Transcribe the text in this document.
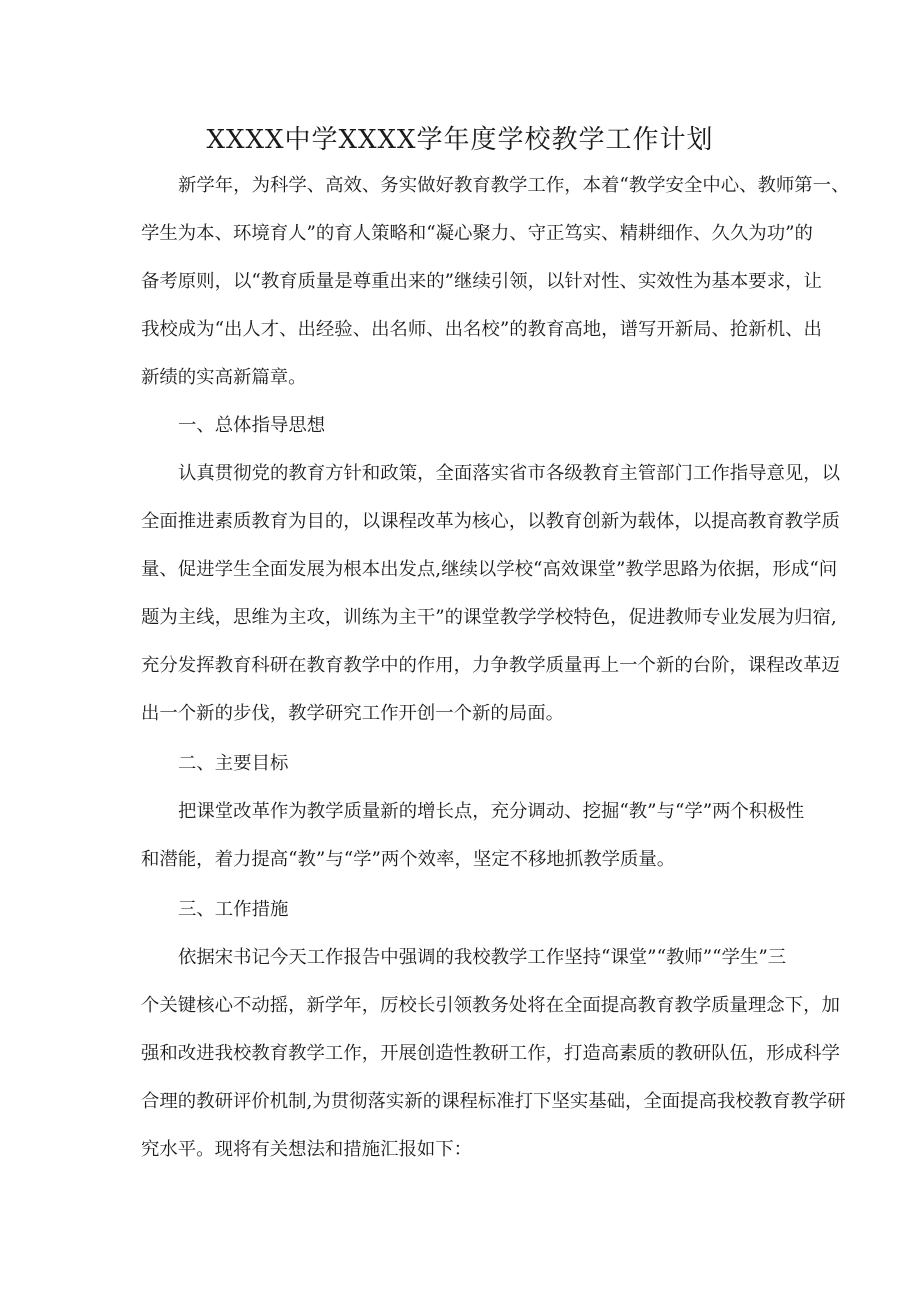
XXXX中学XXXX学年度学校教学工作计划
新学年，为科学、高效、务实做好教育教学工作，本着“教学安全中心、教师第一、
学生为本、环境育人”的育人策略和“凝心聚力、守正笃实、精耕细作、久久为功”的
备考原则，以“教育质量是尊重出来的”继续引领，以针对性、实效性为基本要求，让
我校成为“出人才、出经验、出名师、出名校”的教育高地，谱写开新局、抢新机、出
新绩的实高新篇章。
一、总体指导思想
认真贯彻党的教育方针和政策，全面落实省市各级教育主管部门工作指导意见，以
全面推进素质教育为目的，以课程改革为核心，以教育创新为载体，以提高教育教学质
量、促进学生全面发展为根本出发点,继续以学校“高效课堂”教学思路为依据，形成“问
题为主线，思维为主攻，训练为主干”的课堂教学学校特色，促进教师专业发展为归宿,
充分发挥教育科研在教育教学中的作用，力争教学质量再上一个新的台阶，课程改革迈
出一个新的步伐，教学研究工作开创一个新的局面。
二、主要目标
把课堂改革作为教学质量新的增长点，充分调动、挖掘“教”与“学”两个积极性
和潜能，着力提高“教”与“学”两个效率，坚定不移地抓教学质量。
三、工作措施
依据宋书记今天工作报告中强调的我校教学工作坚持“课堂”“教师”“学生”三
个关键核心不动摇，新学年，厉校长引领教务处将在全面提高教育教学质量理念下，加
强和改进我校教育教学工作，开展创造性教研工作，打造高素质的教研队伍，形成科学
合理的教研评价机制,为贯彻落实新的课程标准打下坚实基础，全面提高我校教育教学研
究水平。现将有关想法和措施汇报如下：
